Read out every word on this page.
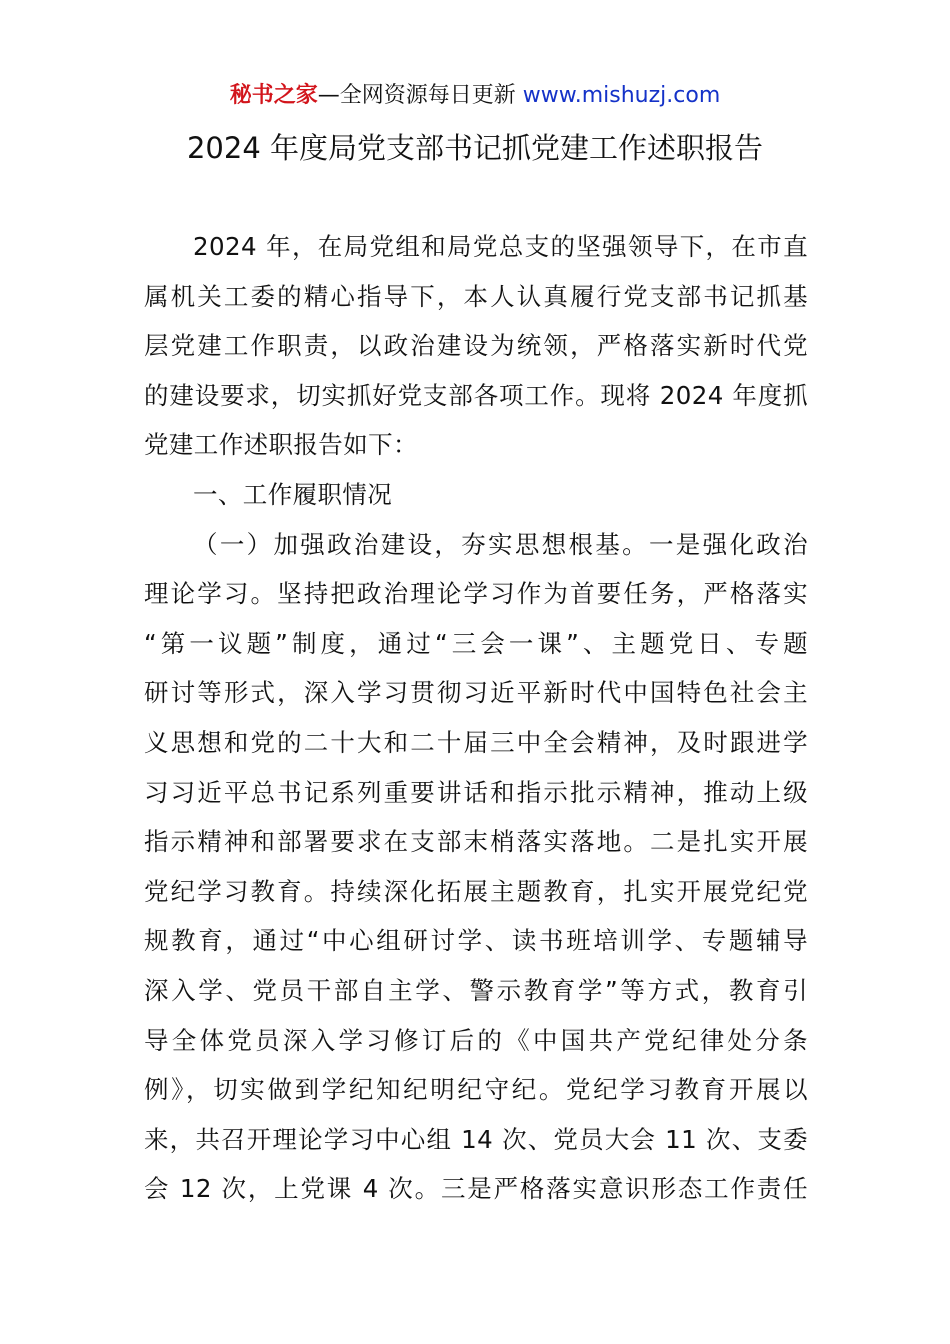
秘书之家—全网资源每日更新 www.mishuzj.com
2024 年度局党支部书记抓党建工作述职报告
2024 年，在局党组和局党总支的坚强领导下，在市直
属机关工委的精心指导下，本人认真履行党支部书记抓基
层党建工作职责，以政治建设为统领，严格落实新时代党
的建设要求，切实抓好党支部各项工作。现将 2024 年度抓
党建工作述职报告如下：
一、工作履职情况
（一）加强政治建设，夯实思想根基。一是强化政治
理论学习。坚持把政治理论学习作为首要任务，严格落实
“第一议题”制度，通过“三会一课”、主题党日、专题
研讨等形式，深入学习贯彻习近平新时代中国特色社会主
义思想和党的二十大和二十届三中全会精神，及时跟进学
习习近平总书记系列重要讲话和指示批示精神，推动上级
指示精神和部署要求在支部末梢落实落地。二是扎实开展
党纪学习教育。持续深化拓展主题教育，扎实开展党纪党
规教育，通过“中心组研讨学、读书班培训学、专题辅导
深入学、党员干部自主学、警示教育学”等方式，教育引
导全体党员深入学习修订后的《中国共产党纪律处分条
例》，切实做到学纪知纪明纪守纪。党纪学习教育开展以
来，共召开理论学习中心组 14 次、党员大会 11 次、支委
会 12 次，上党课 4 次。三是严格落实意识形态工作责任
